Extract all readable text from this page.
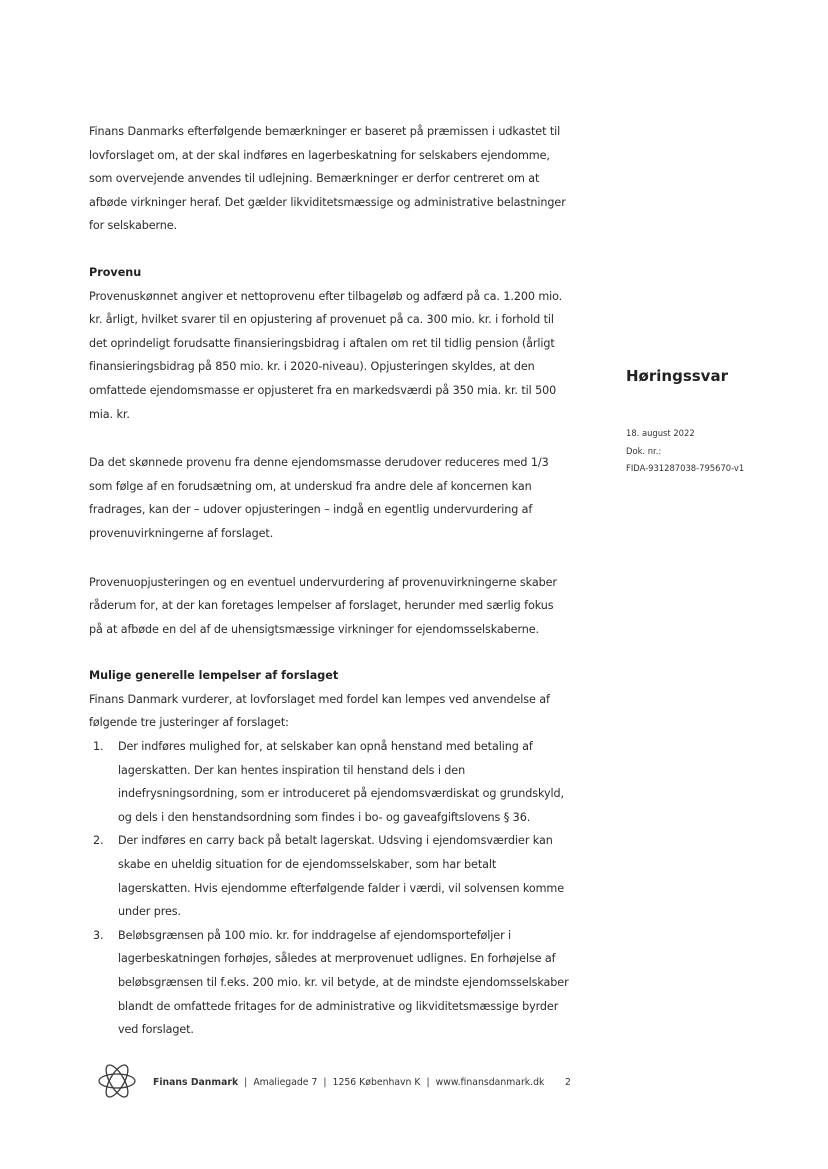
Finans Danmarks efterfølgende bemærkninger er baseret på præmissen i udkastet til lovforslaget om, at der skal indføres en lagerbeskatning for selskabers ejendomme, som overvejende anvendes til udlejning. Bemærkninger er derfor centreret om at afbøde virkninger heraf. Det gælder likviditetsmæssige og administrative belastninger for selskaberne.

Provenu

Provenuskønnet angiver et nettoprovenu efter tilbageløb og adfærd på ca. 1.200 mio. kr. årligt, hvilket svarer til en opjustering af provenuet på ca. 300 mio. kr. i forhold til det oprindeligt forudsatte finansieringsbidrag i aftalen om ret til tidlig pension (årligt finansieringsbidrag på 850 mio. kr. i 2020-niveau). Opjusteringen skyldes, at den omfattede ejendomsmasse er opjusteret fra en markedsværdi på 350 mia. kr. til 500 mia. kr.

Da det skønnede provenu fra denne ejendomsmasse derudover reduceres med 1/3 som følge af en forudsætning om, at underskud fra andre dele af koncernen kan fradrages, kan der – udover opjusteringen – indgå en egentlig undervurdering af provenuvirkningerne af forslaget.

Provenuopjusteringen og en eventuel undervurdering af provenuvirkningerne skaber råderum for, at der kan foretages lempelser af forslaget, herunder med særlig fokus på at afbøde en del af de uhensigtsmæssige virkninger for ejendomsselskaberne.

Mulige generelle lempelser af forslaget

Finans Danmark vurderer, at lovforslaget med fordel kan lempes ved anvendelse af følgende tre justeringer af forslaget:

1. Der indføres mulighed for, at selskaber kan opnå henstand med betaling af lagerskatten. Der kan hentes inspiration til henstand dels i den indefrysningsordning, som er introduceret på ejendomsværdiskat og grundskyld, og dels i den henstandsordning som findes i bo- og gaveafgiftslovens § 36.
2. Der indføres en carry back på betalt lagerskat. Udsving i ejendomsværdier kan skabe en uheldig situation for de ejendomsselskaber, som har betalt lagerskatten. Hvis ejendomme efterfølgende falder i værdi, vil solvensen komme under pres.
3. Beløbsgrænsen på 100 mio. kr. for inddragelse af ejendomsporteføljer i lagerbeskatningen forhøjes, således at merprovenuet udlignes. En forhøjelse af beløbsgrænsen til f.eks. 200 mio. kr. vil betyde, at de mindste ejendomsselskaber blandt de omfattede fritages for de administrative og likviditetsmæssige byrder ved forslaget.
Høringssvar
18. august 2022
Dok. nr.:
FIDA-931287038-795670-v1
Finans Danmark | Amaliegade 7 | 1256 København K | www.finansdanmark.dk 2
